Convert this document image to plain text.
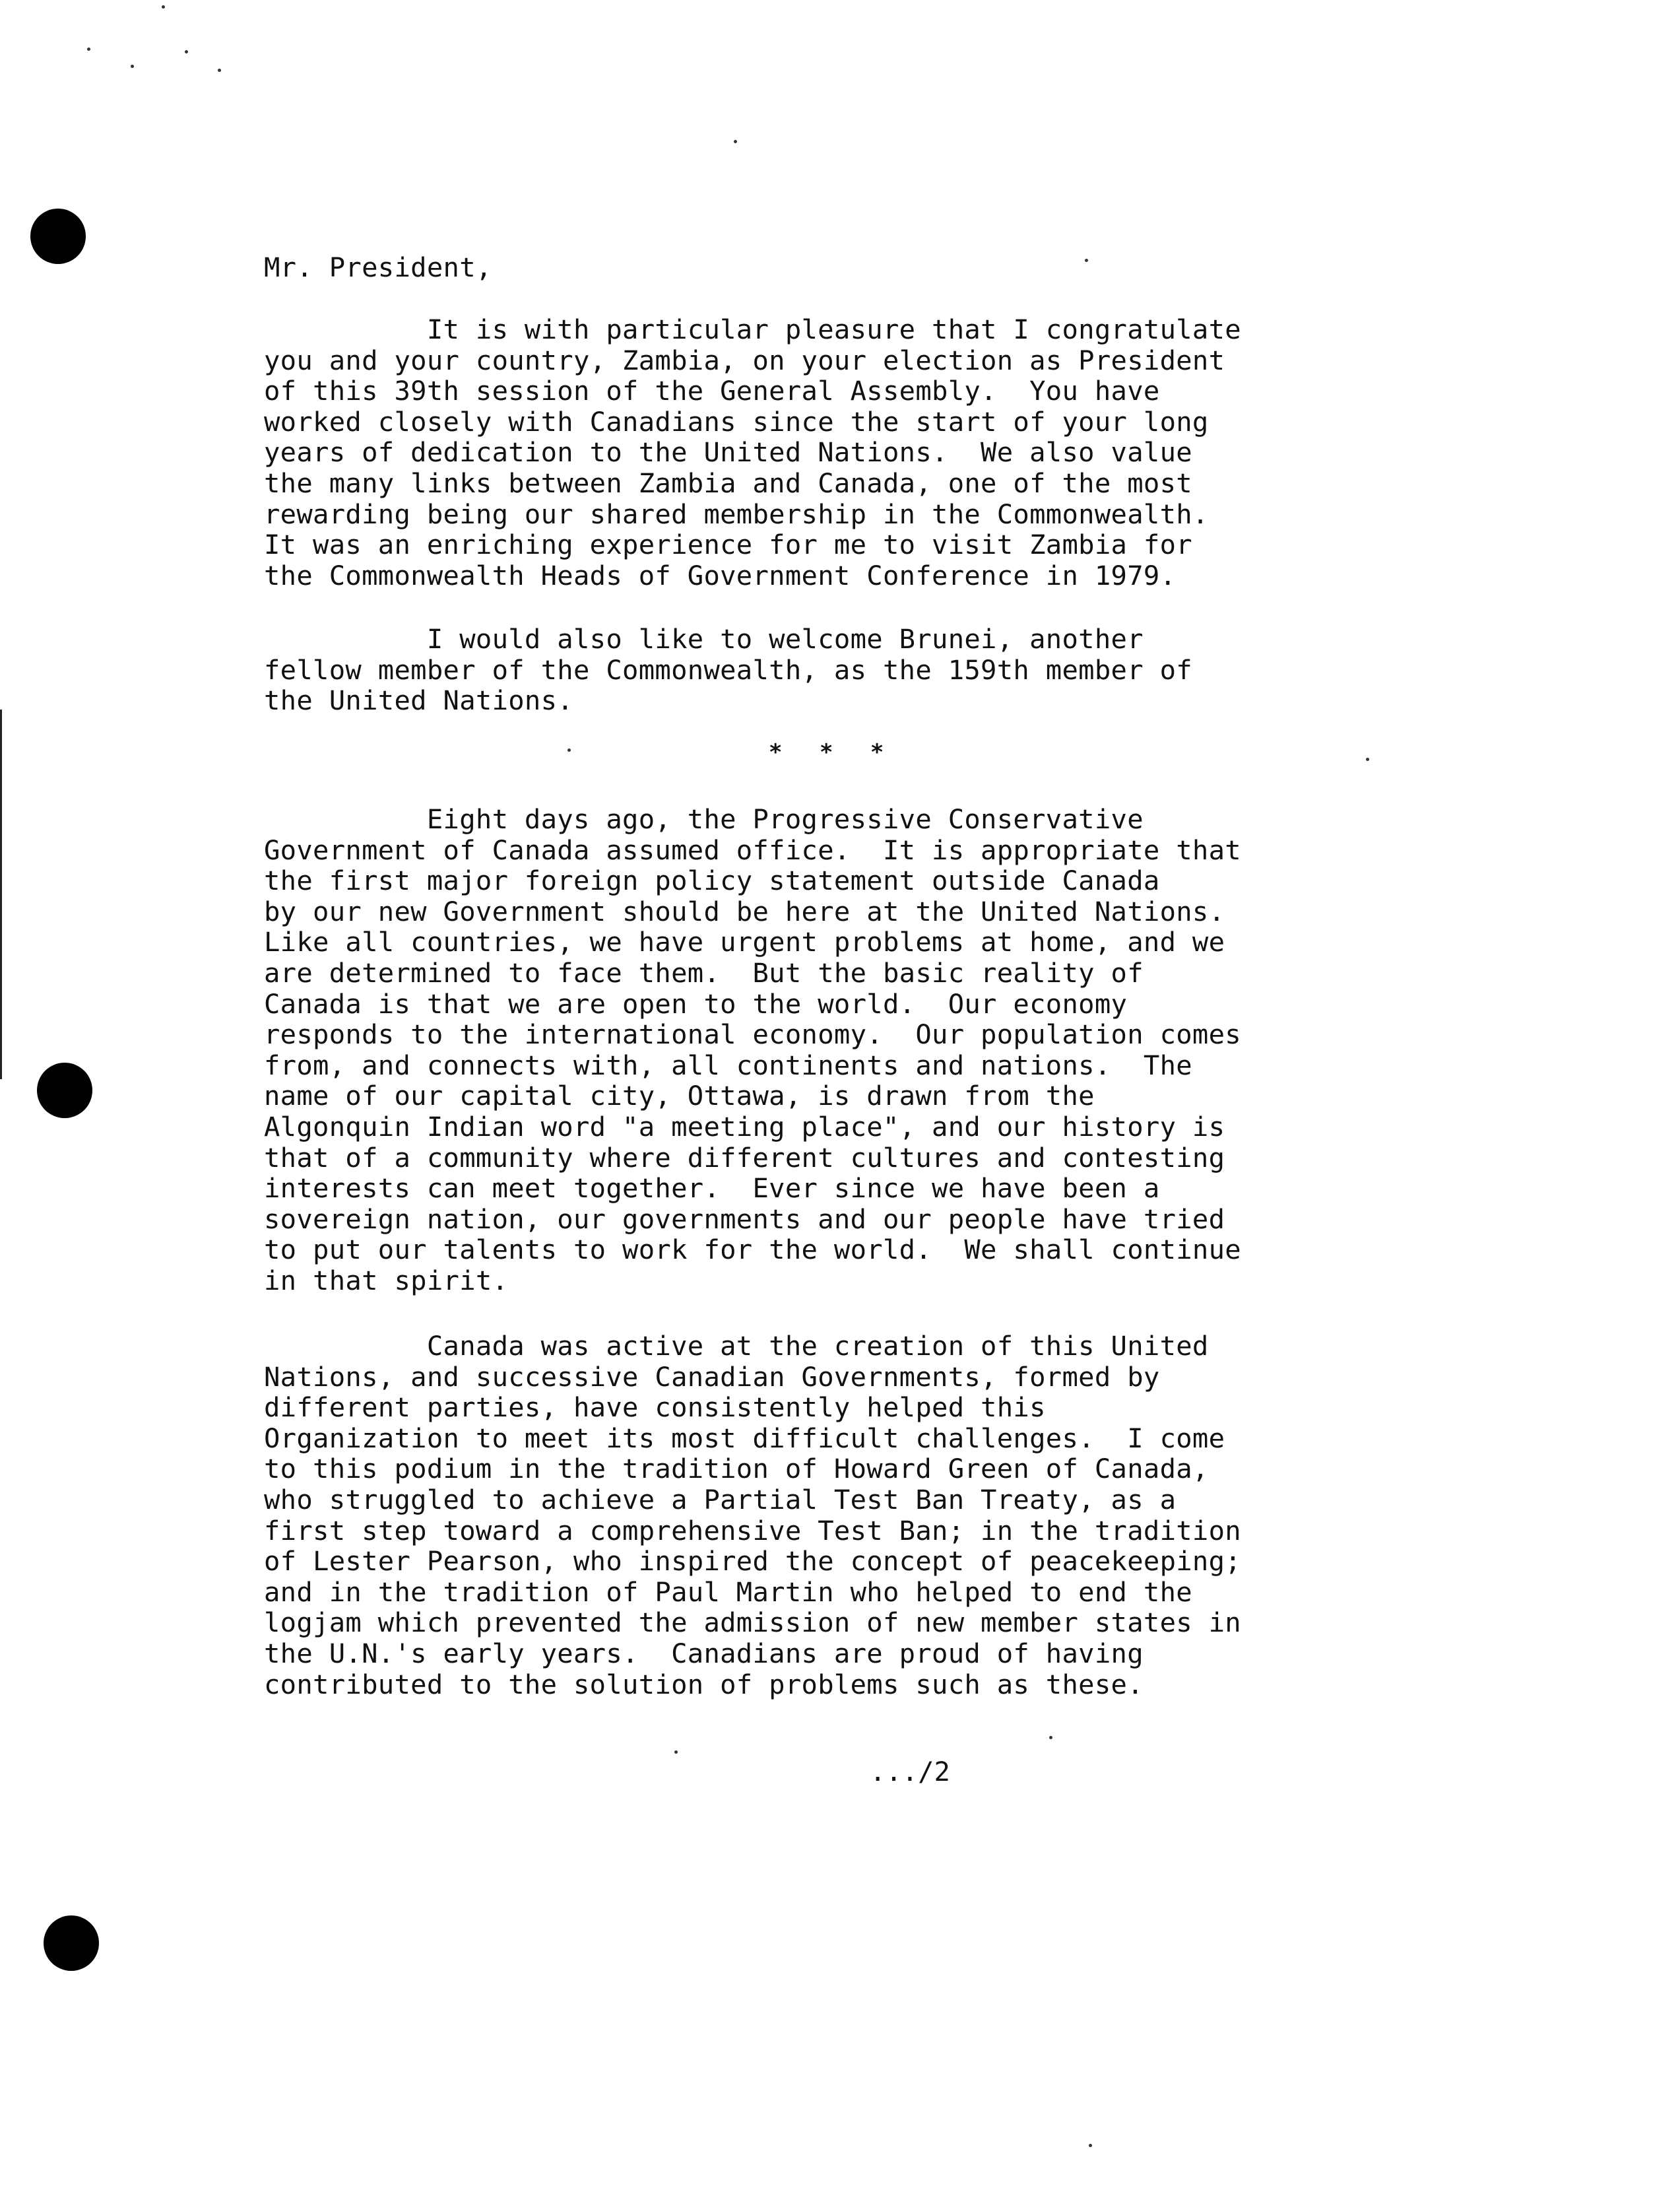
Mr. President,
It is with particular pleasure that I congratulate
you and your country, Zambia, on your election as President
of this 39th session of the General Assembly.  You have
worked closely with Canadians since the start of your long
years of dedication to the United Nations.  We also value
the many links between Zambia and Canada, one of the most
rewarding being our shared membership in the Commonwealth.
It was an enriching experience for me to visit Zambia for
the Commonwealth Heads of Government Conference in 1979.
I would also like to welcome Brunei, another
fellow member of the Commonwealth, as the 159th member of
the United Nations.
* * *
Eight days ago, the Progressive Conservative
Government of Canada assumed office.  It is appropriate that
the first major foreign policy statement outside Canada
by our new Government should be here at the United Nations.
Like all countries, we have urgent problems at home, and we
are determined to face them.  But the basic reality of
Canada is that we are open to the world.  Our economy
responds to the international economy.  Our population comes
from, and connects with, all continents and nations.  The
name of our capital city, Ottawa, is drawn from the
Algonquin Indian word "a meeting place", and our history is
that of a community where different cultures and contesting
interests can meet together.  Ever since we have been a
sovereign nation, our governments and our people have tried
to put our talents to work for the world.  We shall continue
in that spirit.
Canada was active at the creation of this United
Nations, and successive Canadian Governments, formed by
different parties, have consistently helped this
Organization to meet its most difficult challenges.  I come
to this podium in the tradition of Howard Green of Canada,
who struggled to achieve a Partial Test Ban Treaty, as a
first step toward a comprehensive Test Ban; in the tradition
of Lester Pearson, who inspired the concept of peacekeeping;
and in the tradition of Paul Martin who helped to end the
logjam which prevented the admission of new member states in
the U.N.'s early years.  Canadians are proud of having
contributed to the solution of problems such as these.
.../2
